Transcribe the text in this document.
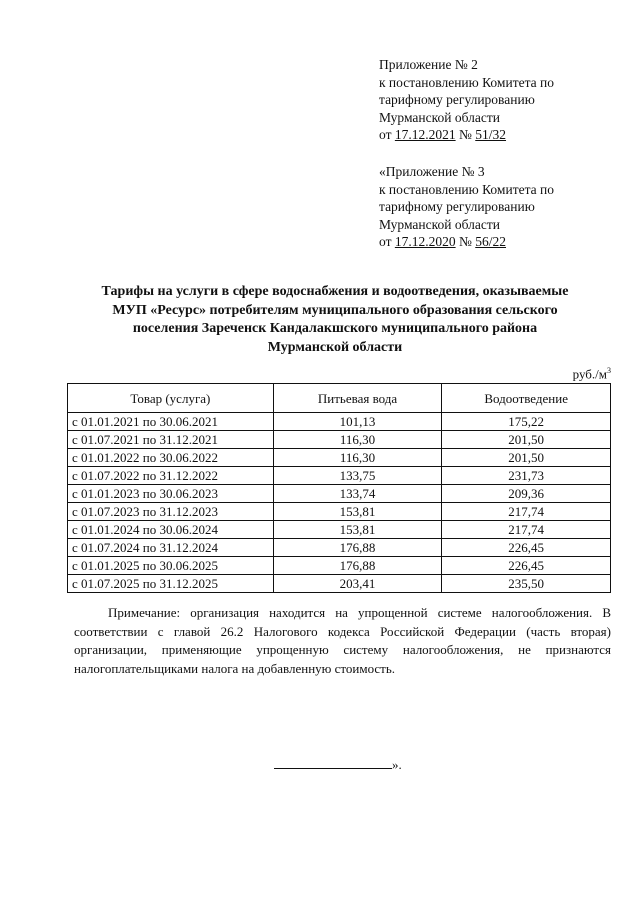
Приложение № 2
к постановлению Комитета по
тарифному регулированию
Мурманской области
от 17.12.2021 № 51/32
«Приложение № 3
к постановлению Комитета по
тарифному регулированию
Мурманской области
от 17.12.2020 № 56/22
Тарифы на услуги в сфере водоснабжения и водоотведения, оказываемые
МУП «Ресурс» потребителям муниципального образования сельского
поселения Зареченск Кандалакшского муниципального района
Мурманской области
$руб./м^3$
Товар (услуга)	Питьевая вода	Водоотведение
с 01.01.2021 по 30.06.2021	101,13	175,22
с 01.07.2021 по 31.12.2021	116,30	201,50
с 01.01.2022 по 30.06.2022	116,30	201,50
с 01.07.2022 по 31.12.2022	133,75	231,73
с 01.01.2023 по 30.06.2023	133,74	209,36
с 01.07.2023 по 31.12.2023	153,81	217,74
с 01.01.2024 по 30.06.2024	153,81	217,74
с 01.07.2024 по 31.12.2024	176,88	226,45
с 01.01.2025 по 30.06.2025	176,88	226,45
с 01.07.2025 по 31.12.2025	203,41	235,50
Примечание: организация находится на упрощенной системе налогообложения. В соответствии с главой 26.2 Налогового кодекса Российской Федерации (часть вторая) организации, применяющие упрощенную систему налогообложения, не признаются налогоплательщиками налога на добавленную стоимость.
».
